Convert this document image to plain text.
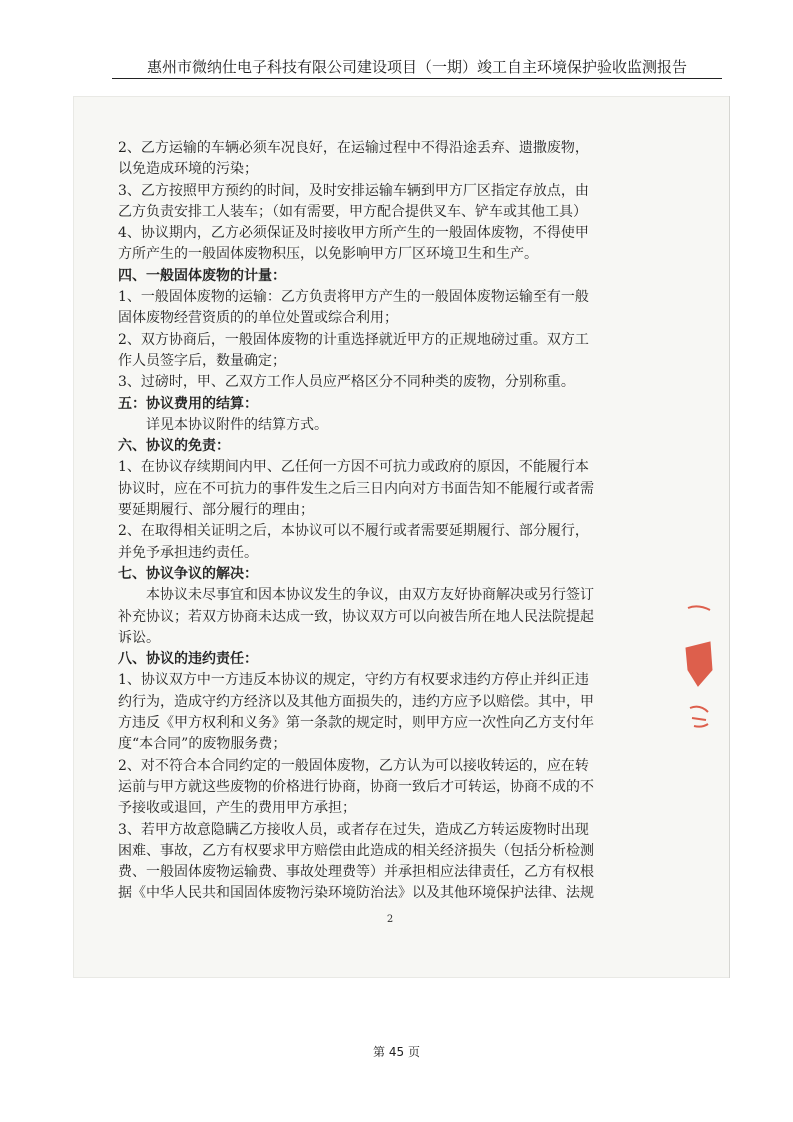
惠州市微纳仕电子科技有限公司建设项目（一期）竣工自主环境保护验收监测报告
2、乙方运输的车辆必须车况良好，在运输过程中不得沿途丢弃、遗撒废物，
以免造成环境的污染；
3、乙方按照甲方预约的时间，及时安排运输车辆到甲方厂区指定存放点，由
乙方负责安排工人装车；（如有需要，甲方配合提供叉车、铲车或其他工具）
4、协议期内，乙方必须保证及时接收甲方所产生的一般固体废物，不得使甲
方所产生的一般固体废物积压，以免影响甲方厂区环境卫生和生产。
四、一般固体废物的计量：
1、一般固体废物的运输：乙方负责将甲方产生的一般固体废物运输至有一般
固体废物经营资质的的单位处置或综合利用；
2、双方协商后，一般固体废物的计重选择就近甲方的正规地磅过重。双方工
作人员签字后，数量确定；
3、过磅时，甲、乙双方工作人员应严格区分不同种类的废物，分别称重。
五：协议费用的结算：
详见本协议附件的结算方式。
六、协议的免责：
1、在协议存续期间内甲、乙任何一方因不可抗力或政府的原因，不能履行本
协议时，应在不可抗力的事件发生之后三日内向对方书面告知不能履行或者需
要延期履行、部分履行的理由；
2、在取得相关证明之后，本协议可以不履行或者需要延期履行、部分履行，
并免予承担违约责任。
七、协议争议的解决：
本协议未尽事宜和因本协议发生的争议，由双方友好协商解决或另行签订
补充协议；若双方协商未达成一致，协议双方可以向被告所在地人民法院提起
诉讼。
八、协议的违约责任：
1、协议双方中一方违反本协议的规定，守约方有权要求违约方停止并纠正违
约行为，造成守约方经济以及其他方面损失的，违约方应予以赔偿。其中，甲
方违反《甲方权利和义务》第一条款的规定时，则甲方应一次性向乙方支付年
度“本合同”的废物服务费；
2、对不符合本合同约定的一般固体废物，乙方认为可以接收转运的，应在转
运前与甲方就这些废物的价格进行协商，协商一致后才可转运，协商不成的不
予接收或退回，产生的费用甲方承担；
3、若甲方故意隐瞒乙方接收人员，或者存在过失，造成乙方转运废物时出现
困难、事故，乙方有权要求甲方赔偿由此造成的相关经济损失（包括分析检测
费、一般固体废物运输费、事故处理费等）并承担相应法律责任，乙方有权根
据《中华人民共和国固体废物污染环境防治法》以及其他环境保护法律、法规
2
第 45 页
